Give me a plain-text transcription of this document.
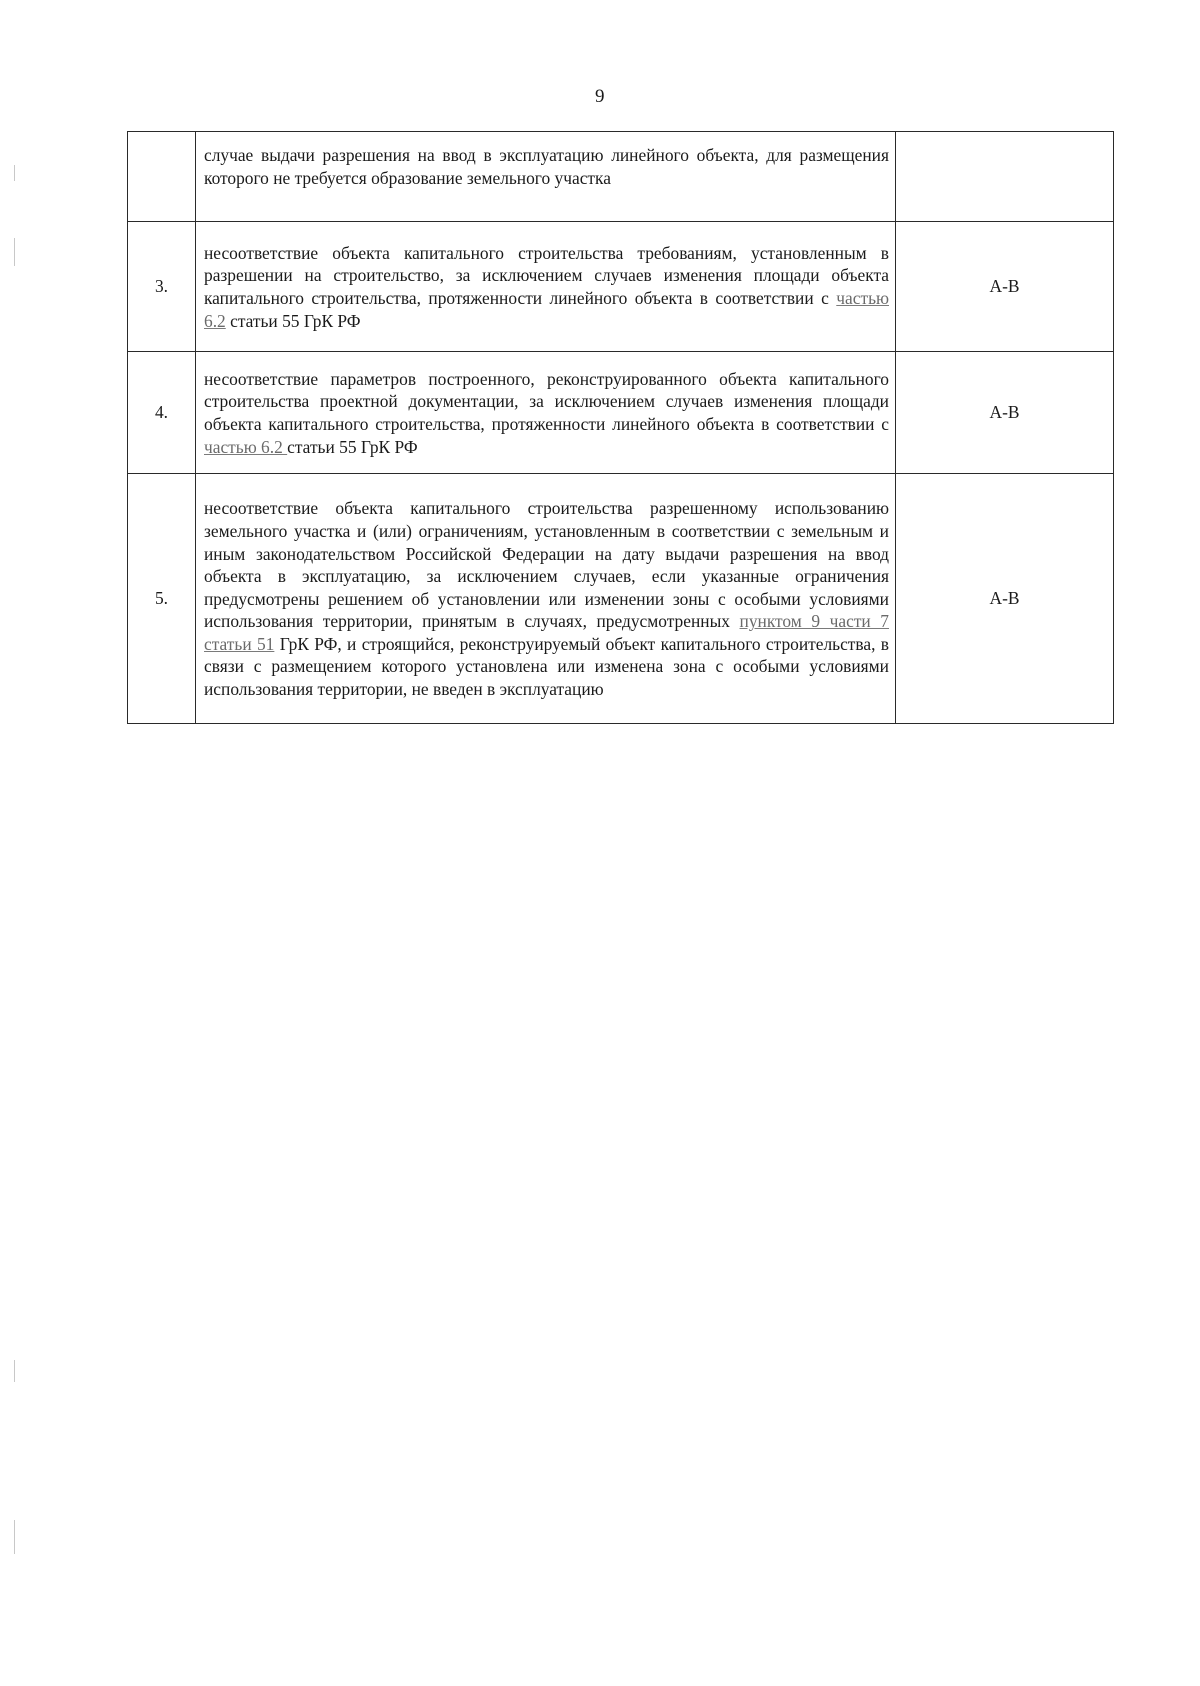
9
	случае выдачи разрешения на ввод в эксплуатацию линейного объекта, для размещения которого не требуется образование земельного участка	
3.	несоответствие объекта капитального строительства требованиям, установленным в разрешении на строительство, за исключением случаев изменения площади объекта капитального строительства, протяженности линейного объекта в соответствии с частью 6.2 статьи 55 ГрК РФ	А-В
4.	несоответствие параметров построенного, реконструированного объекта капитального строительства проектной документации, за исключением случаев изменения площади объекта капитального строительства, протяженности линейного объекта в соответствии с частью 6.2 статьи 55 ГрК РФ	А-В
5.	несоответствие объекта капитального строительства разрешенному использованию земельного участка и (или) ограничениям, установленным в соответствии с земельным и иным законодательством Российской Федерации на дату выдачи разрешения на ввод объекта в эксплуатацию, за исключением случаев, если указанные ограничения предусмотрены решением об установлении или изменении зоны с особыми условиями использования территории, принятым в случаях, предусмотренных пунктом 9 части 7 статьи 51 ГрК РФ, и строящийся, реконструируемый объект капитального строительства, в связи с размещением которого установлена или изменена зона с особыми условиями использования территории, не введен в эксплуатацию	А-В
